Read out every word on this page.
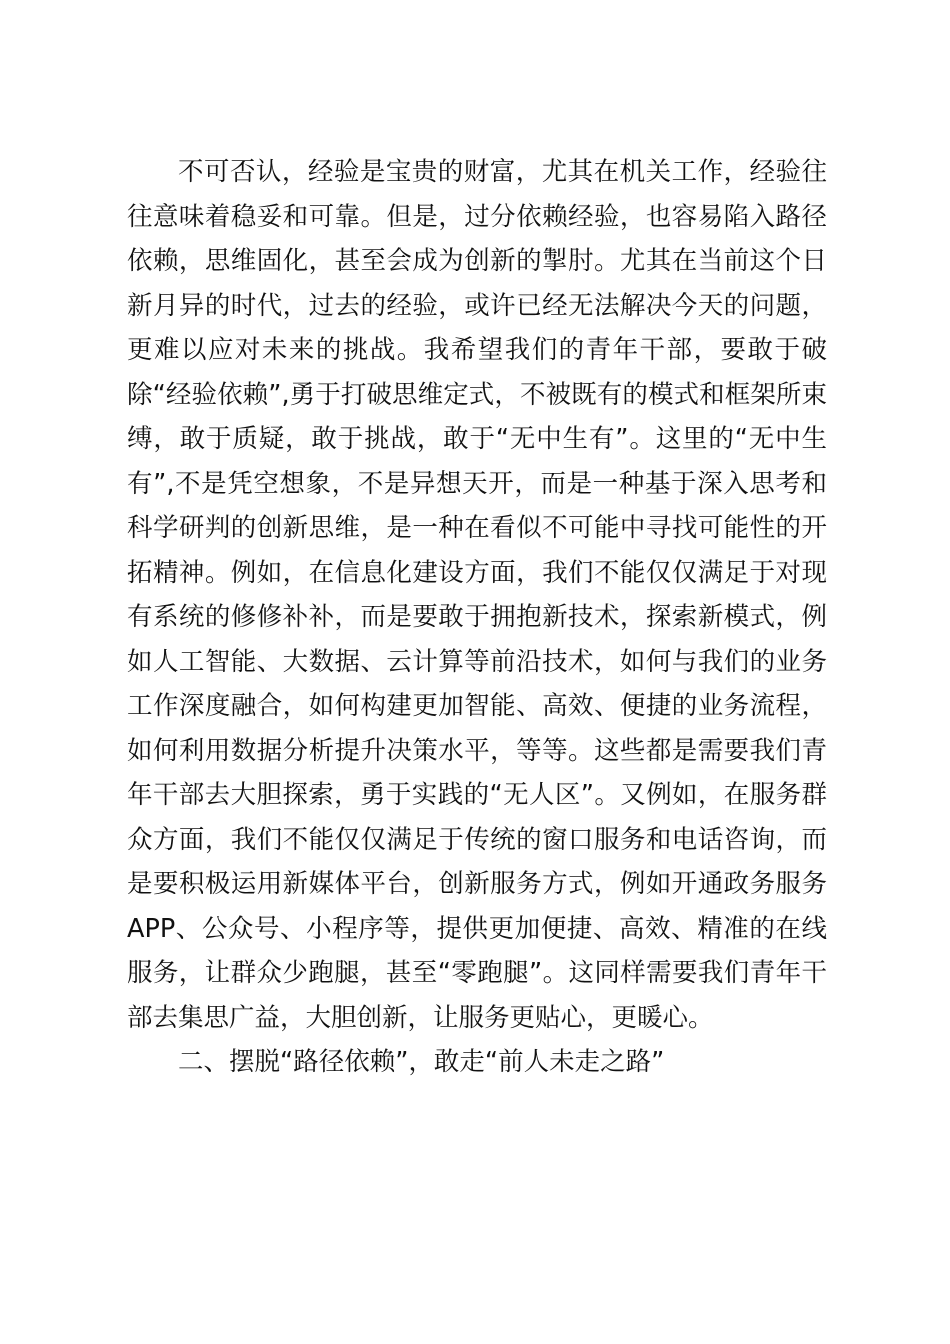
不可否认，经验是宝贵的财富，尤其在机关工作，经验往
往意味着稳妥和可靠。但是，过分依赖经验，也容易陷入路径
依赖，思维固化，甚至会成为创新的掣肘。尤其在当前这个日
新月异的时代，过去的经验，或许已经无法解决今天的问题，
更难以应对未来的挑战。我希望我们的青年干部，要敢于破
除“经验依赖”,勇于打破思维定式，不被既有的模式和框架所束
缚，敢于质疑，敢于挑战，敢于“无中生有”。这里的“无中生
有”,不是凭空想象，不是异想天开，而是一种基于深入思考和
科学研判的创新思维，是一种在看似不可能中寻找可能性的开
拓精神。例如，在信息化建设方面，我们不能仅仅满足于对现
有系统的修修补补，而是要敢于拥抱新技术，探索新模式，例
如人工智能、大数据、云计算等前沿技术，如何与我们的业务
工作深度融合，如何构建更加智能、高效、便捷的业务流程，
如何利用数据分析提升决策水平，等等。这些都是需要我们青
年干部去大胆探索，勇于实践的“无人区”。又例如，在服务群
众方面，我们不能仅仅满足于传统的窗口服务和电话咨询，而
是要积极运用新媒体平台，创新服务方式，例如开通政务服务
APP、公众号、小程序等，提供更加便捷、高效、精准的在线
服务，让群众少跑腿，甚至“零跑腿”。这同样需要我们青年干
部去集思广益，大胆创新，让服务更贴心，更暖心。

二、摆脱“路径依赖”，敢走“前人未走之路”
